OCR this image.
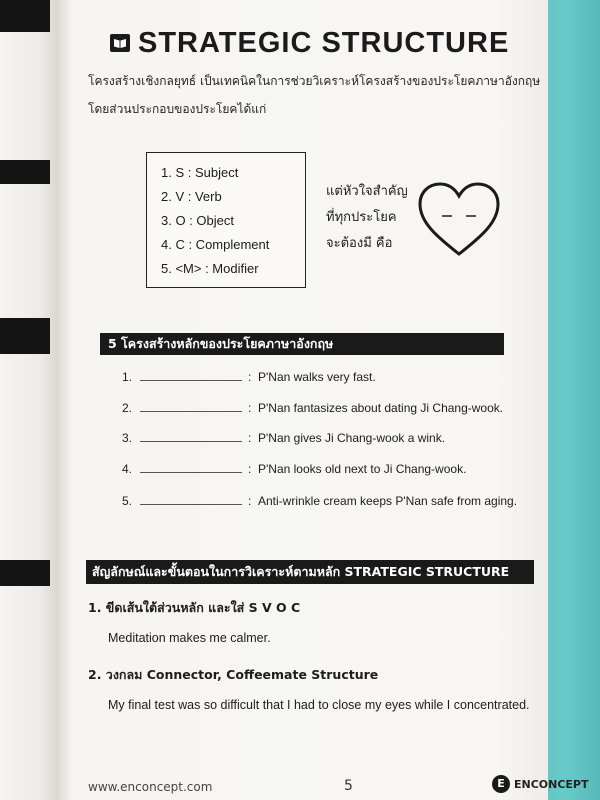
STRATEGIC STRUCTURE
โครงสร้างเชิงกลยุทธ์ เป็นเทคนิคในการช่วยวิเคราะห์โครงสร้างของประโยคภาษาอังกฤษ
โดยส่วนประกอบของประโยคได้แก่
1. S : Subject
2. V : Verb
3. O : Object
4. C : Complement
5. <M> : Modifier
แต่หัวใจสำคัญ
ที่ทุกประโยค
จะต้องมี คือ
5 โครงสร้างหลักของประโยคภาษาอังกฤษ
1.	: P'Nan walks very fast.
2.	: P'Nan fantasizes about dating Ji Chang-wook.
3.	: P'Nan gives Ji Chang-wook a wink.
4.	: P'Nan looks old next to Ji Chang-wook.
5.	: Anti-wrinkle cream keeps P'Nan safe from aging.
สัญลักษณ์และขั้นตอนในการวิเคราะห์ตามหลัก STRATEGIC STRUCTURE
1. ขีดเส้นใต้ส่วนหลัก และใส่ S V O C
Meditation makes me calmer.
2. วงกลม Connector, Coffeemate Structure
My final test was so difficult that I had to close my eyes while I concentrated.
www.enconcept.com	5	E ENCONCEPT
